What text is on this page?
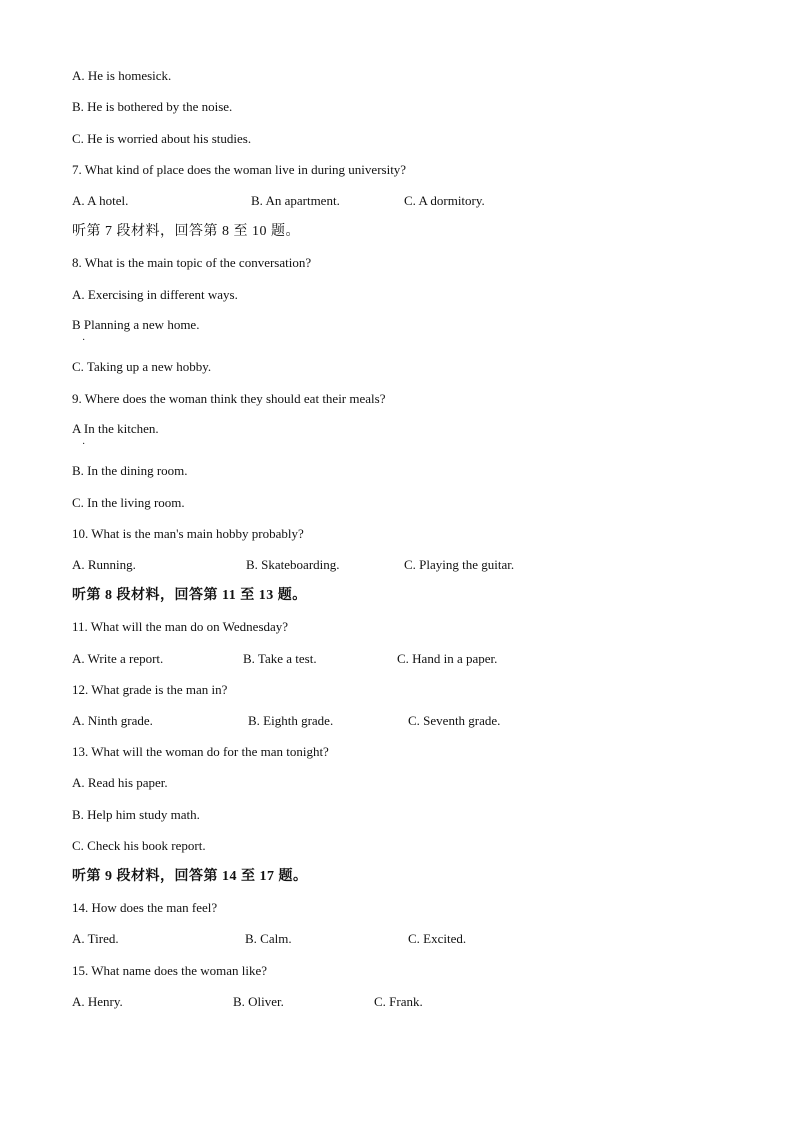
A. He is homesick.
B. He is bothered by the noise.
C. He is worried about his studies.
7. What kind of place does the woman live in during university?
A. A hotel.	B. An apartment.	C. A dormitory.
听第 7 段材料，回答第 8 至 10 题。
8. What is the main topic of the conversation?
A. Exercising in different ways.
B Planning a new home.
·
C. Taking up a new hobby.
9. Where does the woman think they should eat their meals?
A In the kitchen.
·
B. In the dining room.
C. In the living room.
10. What is the man's main hobby probably?
A. Running.	B. Skateboarding.	C. Playing the guitar.
听第 8 段材料，回答第 11 至 13 题。
11. What will the man do on Wednesday?
A. Write a report.	B. Take a test.	C. Hand in a paper.
12. What grade is the man in?
A. Ninth grade.	B. Eighth grade.	C. Seventh grade.
13. What will the woman do for the man tonight?
A. Read his paper.
B. Help him study math.
C. Check his book report.
听第 9 段材料，回答第 14 至 17 题。
14. How does the man feel?
A. Tired.	B. Calm.	C. Excited.
15. What name does the woman like?
A. Henry.	B. Oliver.	C. Frank.
